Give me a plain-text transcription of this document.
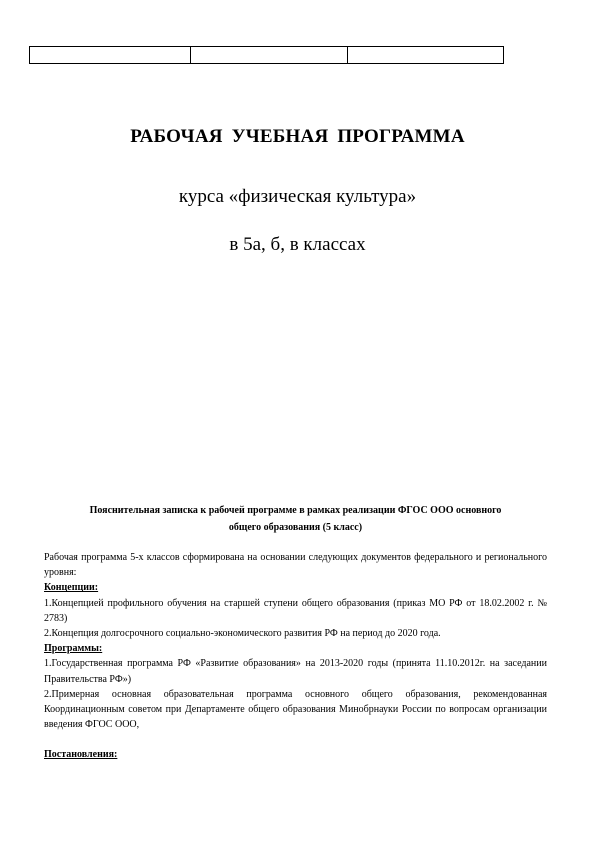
РАБОЧАЯ УЧЕБНАЯ ПРОГРАММА
курса «физическая культура»
в 5а, б, в классах
Пояснительная записка к рабочей программе в рамках реализации ФГОС ООО основного
общего образования (5 класс)

Рабочая программа 5-х классов сформирована на основании следующих документов федерального и регионального уровня:

Концепции:

1.Концепцией профильного обучения на старшей ступени общего образования (приказ МО РФ от 18.02.2002 г. № 2783)

2.Концепция долгосрочного социально-экономического развития РФ на период до 2020 года.

Программы:

1.Государственная программа РФ «Развитие образования» на 2013-2020 годы (принята 11.10.2012г. на заседании Правительства РФ»)

2.Примерная основная образовательная программа основного общего образования, рекомендованная Координационным советом при Департаменте общего образования Минобрнауки России по вопросам организации введения ФГОС ООО,

Постановления:
